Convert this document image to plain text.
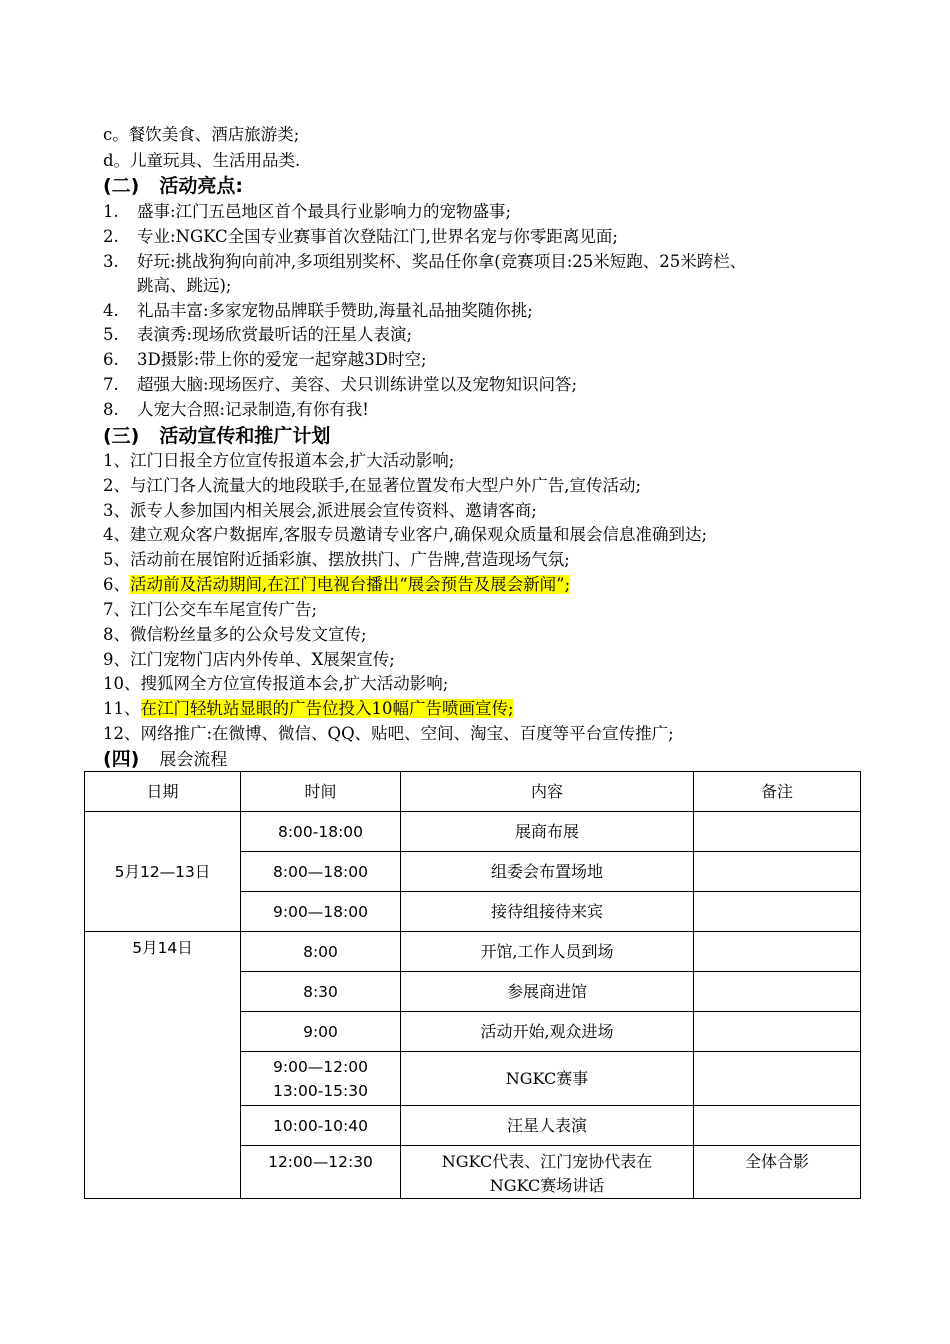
c。餐饮美食、酒店旅游类;
d。儿童玩具、生活用品类.
(二) 活动亮点:
1. 盛事:江门五邑地区首个最具行业影响力的宠物盛事;
2. 专业:NGKC全国专业赛事首次登陆江门,世界名宠与你零距离见面;
3. 好玩:挑战狗狗向前冲,多项组别奖杯、奖品任你拿(竞赛项目:25米短跑、25米跨栏、
跳高、跳远);
4. 礼品丰富:多家宠物品牌联手赞助,海量礼品抽奖随你挑;
5. 表演秀:现场欣赏最听话的汪星人表演;
6. 3D摄影:带上你的爱宠一起穿越3D时空;
7. 超强大脑:现场医疗、美容、犬只训练讲堂以及宠物知识问答;
8. 人宠大合照:记录制造,有你有我!
(三) 活动宣传和推广计划
1、江门日报全方位宣传报道本会,扩大活动影响;
2、与江门各人流量大的地段联手,在显著位置发布大型户外广告,宣传活动;
3、派专人参加国内相关展会,派进展会宣传资料、邀请客商;
4、建立观众客户数据库,客服专员邀请专业客户,确保观众质量和展会信息准确到达;
5、活动前在展馆附近插彩旗、摆放拱门、广告牌,营造现场气氛;
6、活动前及活动期间,在江门电视台播出“展会预告及展会新闻”;
7、江门公交车车尾宣传广告;
8、微信粉丝量多的公众号发文宣传;
9、江门宠物门店内外传单、X展架宣传;
10、搜狐网全方位宣传报道本会,扩大活动影响;
11、在江门轻轨站显眼的广告位投入10幅广告喷画宣传;
12、网络推广:在微博、微信、QQ、贴吧、空间、淘宝、百度等平台宣传推广;
(四) 展会流程
日期	时间	内容	备注
5月12—13日	8:00-18:00	展商布展	
	8:00—18:00	组委会布置场地	
	9:00—18:00	接待组接待来宾	
5月14日	8:00	开馆,工作人员到场	
	8:30	参展商进馆	
	9:00	活动开始,观众进场	

	9:00—12:00
13:00-15:30	NGKC赛事	
	10:00-10:40	汪星人表演	
	12:00—12:30	NGKC代表、江门宠协代表在
NGKC赛场讲话	全体合影
